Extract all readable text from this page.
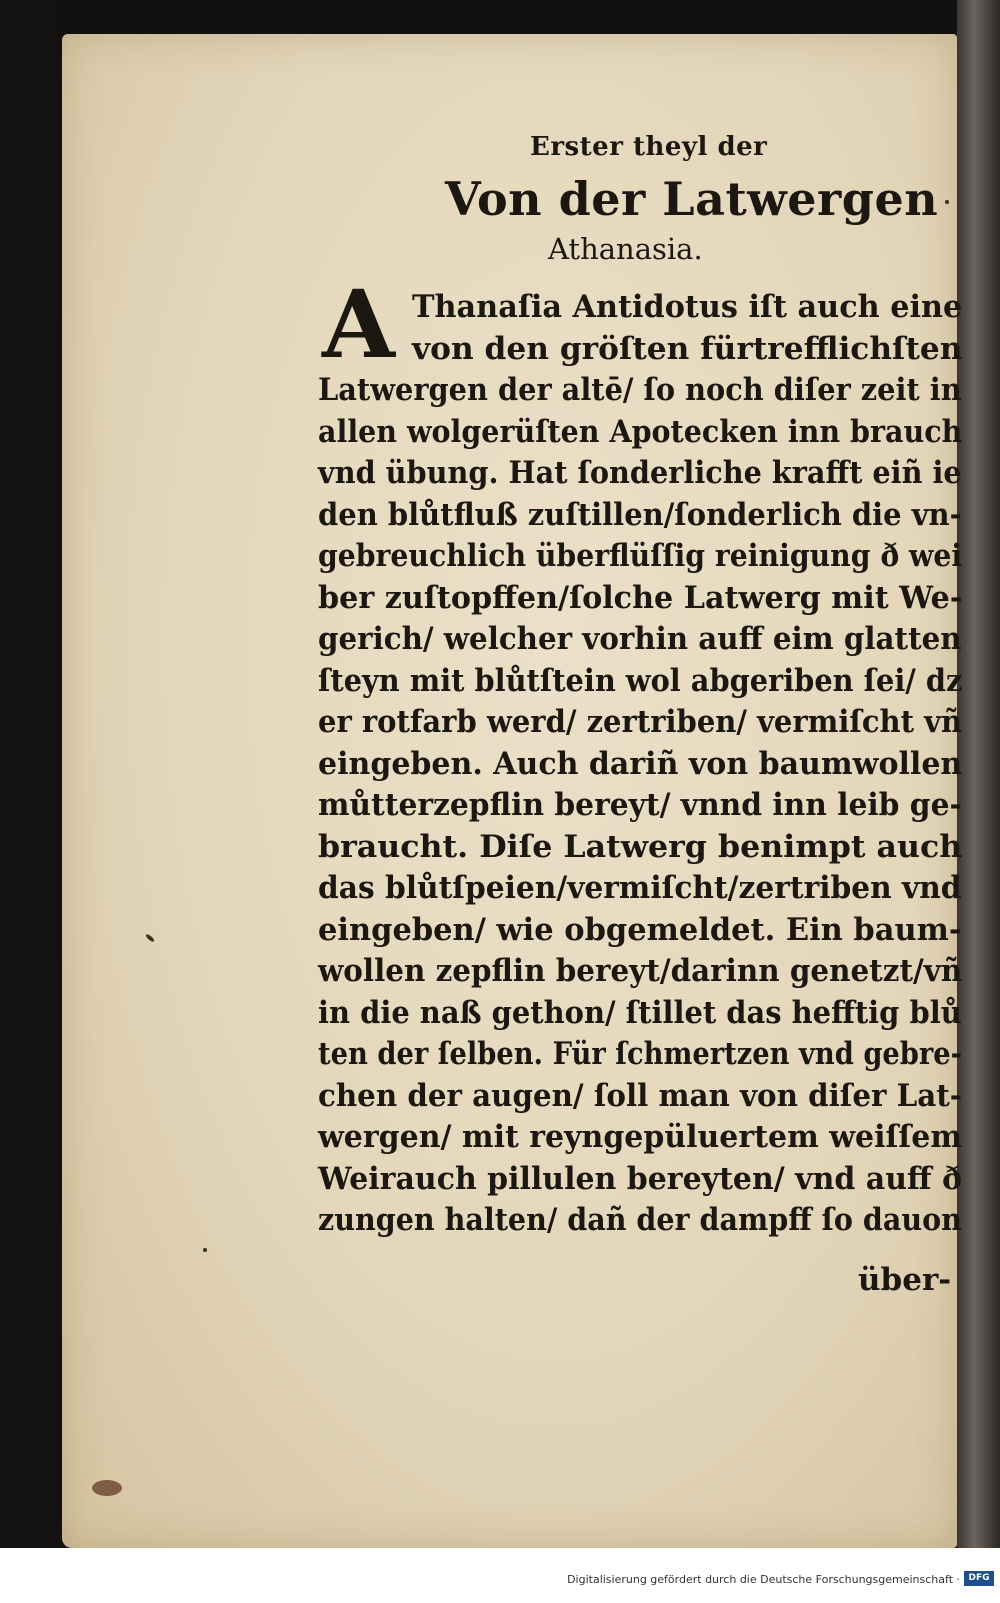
Erster theyl der
Von der Latwergen
Athanasia.
A Thanaſia Antidotus iſt auch eine
von den gröſten fürtrefflichſten
Latwergen der altē/ ſo noch diſer zeit in
allen wolgerüſten Apotecken inn brauch
vnd übung. Hat ſonderliche krafft eiñ ie
den blůtfluß zuſtillen/ſonderlich die vn-
gebreuchlich überflüſſig reinigung ð wei
ber zuſtopffen/ſolche Latwerg mit We-
gerich/ welcher vorhin auff eim glatten
ſteyn mit blůtſtein wol abgeriben ſei/ dz
er rotfarb werd/ zertriben/ vermiſcht vñ
eingeben. Auch dariñ von baumwollen
můtterzepflin bereyt/ vnnd inn leib ge-
braucht. Diſe Latwerg benimpt auch
das blůtſpeien/vermiſcht/zertriben vnd
eingeben/ wie obgemeldet. Ein baum-
wollen zepflin bereyt/darinn genetzt/vñ
in die naß gethon/ ſtillet das hefftig blů
ten der ſelben. Für ſchmertzen vnd gebre-
chen der augen/ ſoll man von diſer Lat-
wergen/ mit reyngepüluertem weiſſem
Weirauch pillulen bereyten/ vnd auff ð
zungen halten/ dañ der dampff ſo dauon
über-
Digitalisierung gefördert durch die Deutsche Forschungsgemeinschaft · DFG
